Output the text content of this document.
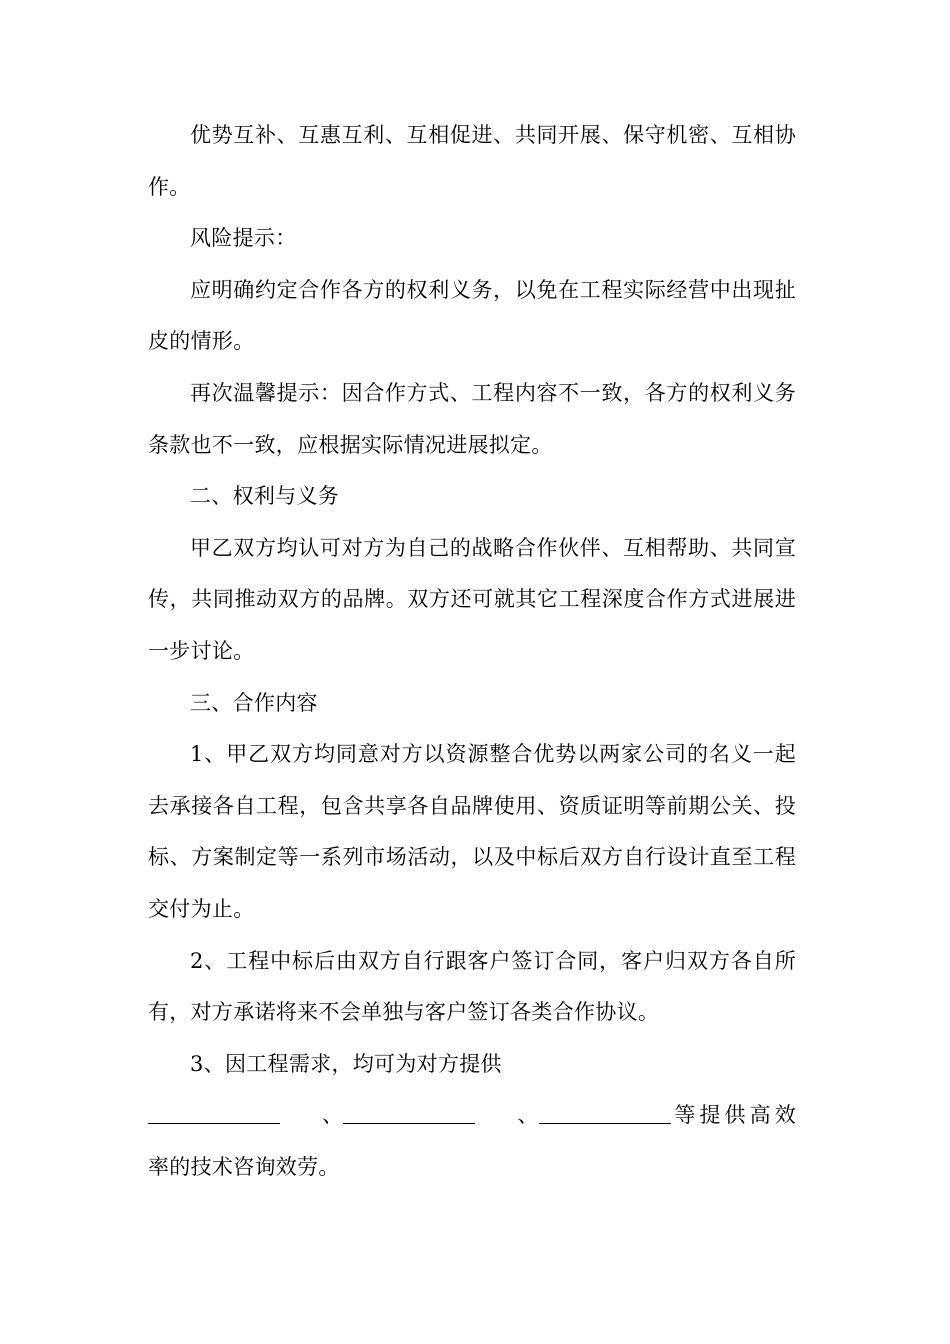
优势互补、互惠互利、互相促进、共同开展、保守机密、互相协作。

风险提示：

应明确约定合作各方的权利义务，以免在工程实际经营中出现扯皮的情形。

再次温馨提示：因合作方式、工程内容不一致，各方的权利义务条款也不一致，应根据实际情况进展拟定。

二、权利与义务

甲乙双方均认可对方为自己的战略合作伙伴、互相帮助、共同宣传，共同推动双方的品牌。双方还可就其它工程深度合作方式进展进一步讨论。

三、合作内容

1、甲乙双方均同意对方以资源整合优势以两家公司的名义一起去承接各自工程，包含共享各自品牌使用、资质证明等前期公关、投标、方案制定等一系列市场活动，以及中标后双方自行设计直至工程交付为止。

2、工程中标后由双方自行跟客户签订合同，客户归双方各自所有，对方承诺将来不会单独与客户签订各类合作协议。

3、因工程需求，均可为对方提供
、	、	等提供高效率的技术咨询效劳。
